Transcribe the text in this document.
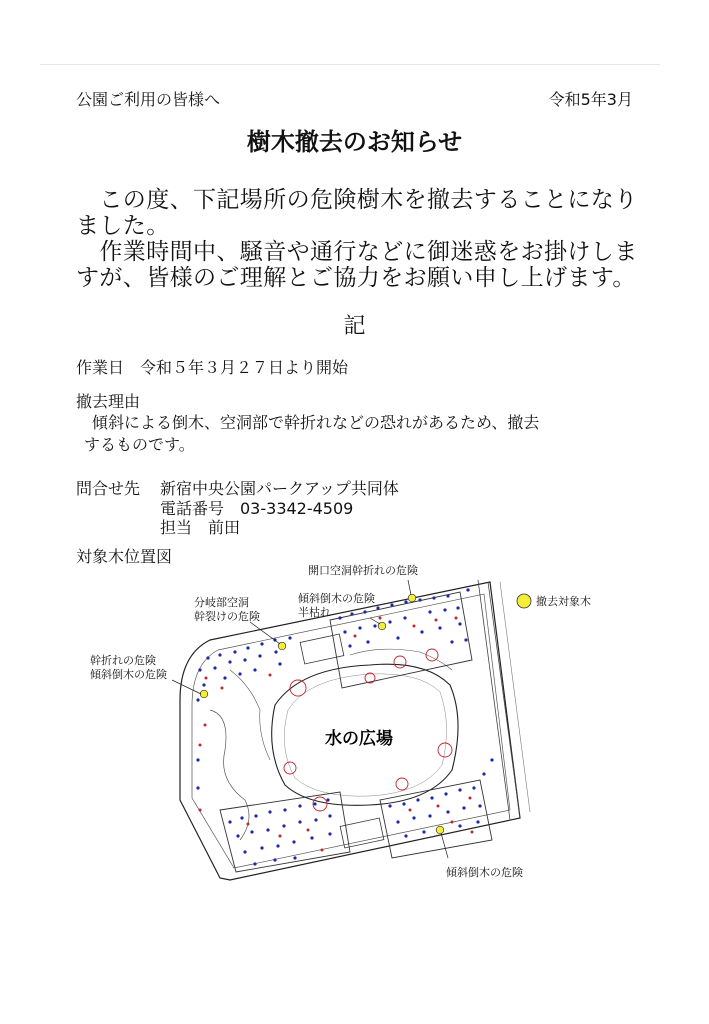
公園ご利用の皆様へ	令和5年3月
樹木撤去のお知らせ
　この度、下記場所の危険樹木を撤去することになり
ました。
　作業時間中、騒音や通行などに御迷惑をお掛けしま
すが、皆様のご理解とご協力をお願い申し上げます。
記
作業日　令和５年３月２７日より開始
撤去理由
　傾斜による倒木、空洞部で幹折れなどの恐れがあるため、撤去
するものです。
問合せ先 新宿中央公園パークアップ共同体
電話番号　03-3342-4509
担当　前田
対象木位置図
水の広場
分岐部空洞
幹裂けの危険
開口空洞幹折れの危険
傾斜倒木の危険
半枯れ
幹折れの危険
傾斜倒木の危険
傾斜倒木の危険
撤去対象木
